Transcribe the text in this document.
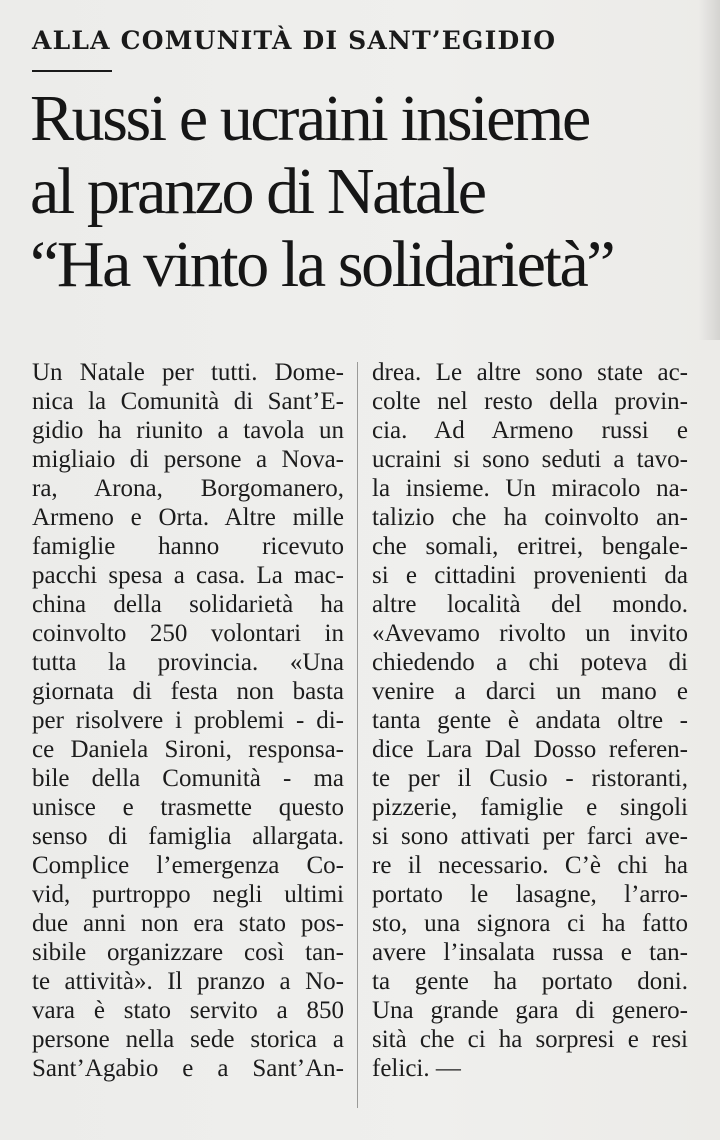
ALLA COMUNITÀ DI SANT’EGIDIO
Russi e ucraini insieme
al pranzo di Natale
“Ha vinto la solidarietà”
Un Natale per tutti. Dome-
nica la Comunità di Sant’E-
gidio ha riunito a tavola un
migliaio di persone a Nova-
ra, Arona, Borgomanero,
Armeno e Orta. Altre mille
famiglie hanno ricevuto
pacchi spesa a casa. La mac-
china della solidarietà ha
coinvolto 250 volontari in
tutta la provincia. «Una
giornata di festa non basta
per risolvere i problemi - di-
ce Daniela Sironi, responsa-
bile della Comunità - ma
unisce e trasmette questo
senso di famiglia allargata.
Complice l’emergenza Co-
vid, purtroppo negli ultimi
due anni non era stato pos-
sibile organizzare così tan-
te attività». Il pranzo a No-
vara è stato servito a 850
persone nella sede storica a
Sant’Agabio e a Sant’An-
drea. Le altre sono state ac-
colte nel resto della provin-
cia. Ad Armeno russi e
ucraini si sono seduti a tavo-
la insieme. Un miracolo na-
talizio che ha coinvolto an-
che somali, eritrei, bengale-
si e cittadini provenienti da
altre località del mondo.
«Avevamo rivolto un invito
chiedendo a chi poteva di
venire a darci un mano e
tanta gente è andata oltre -
dice Lara Dal Dosso referen-
te per il Cusio - ristoranti,
pizzerie, famiglie e singoli
si sono attivati per farci ave-
re il necessario. C’è chi ha
portato le lasagne, l’arro-
sto, una signora ci ha fatto
avere l’insalata russa e tan-
ta gente ha portato doni.
Una grande gara di genero-
sità che ci ha sorpresi e resi
felici. —
